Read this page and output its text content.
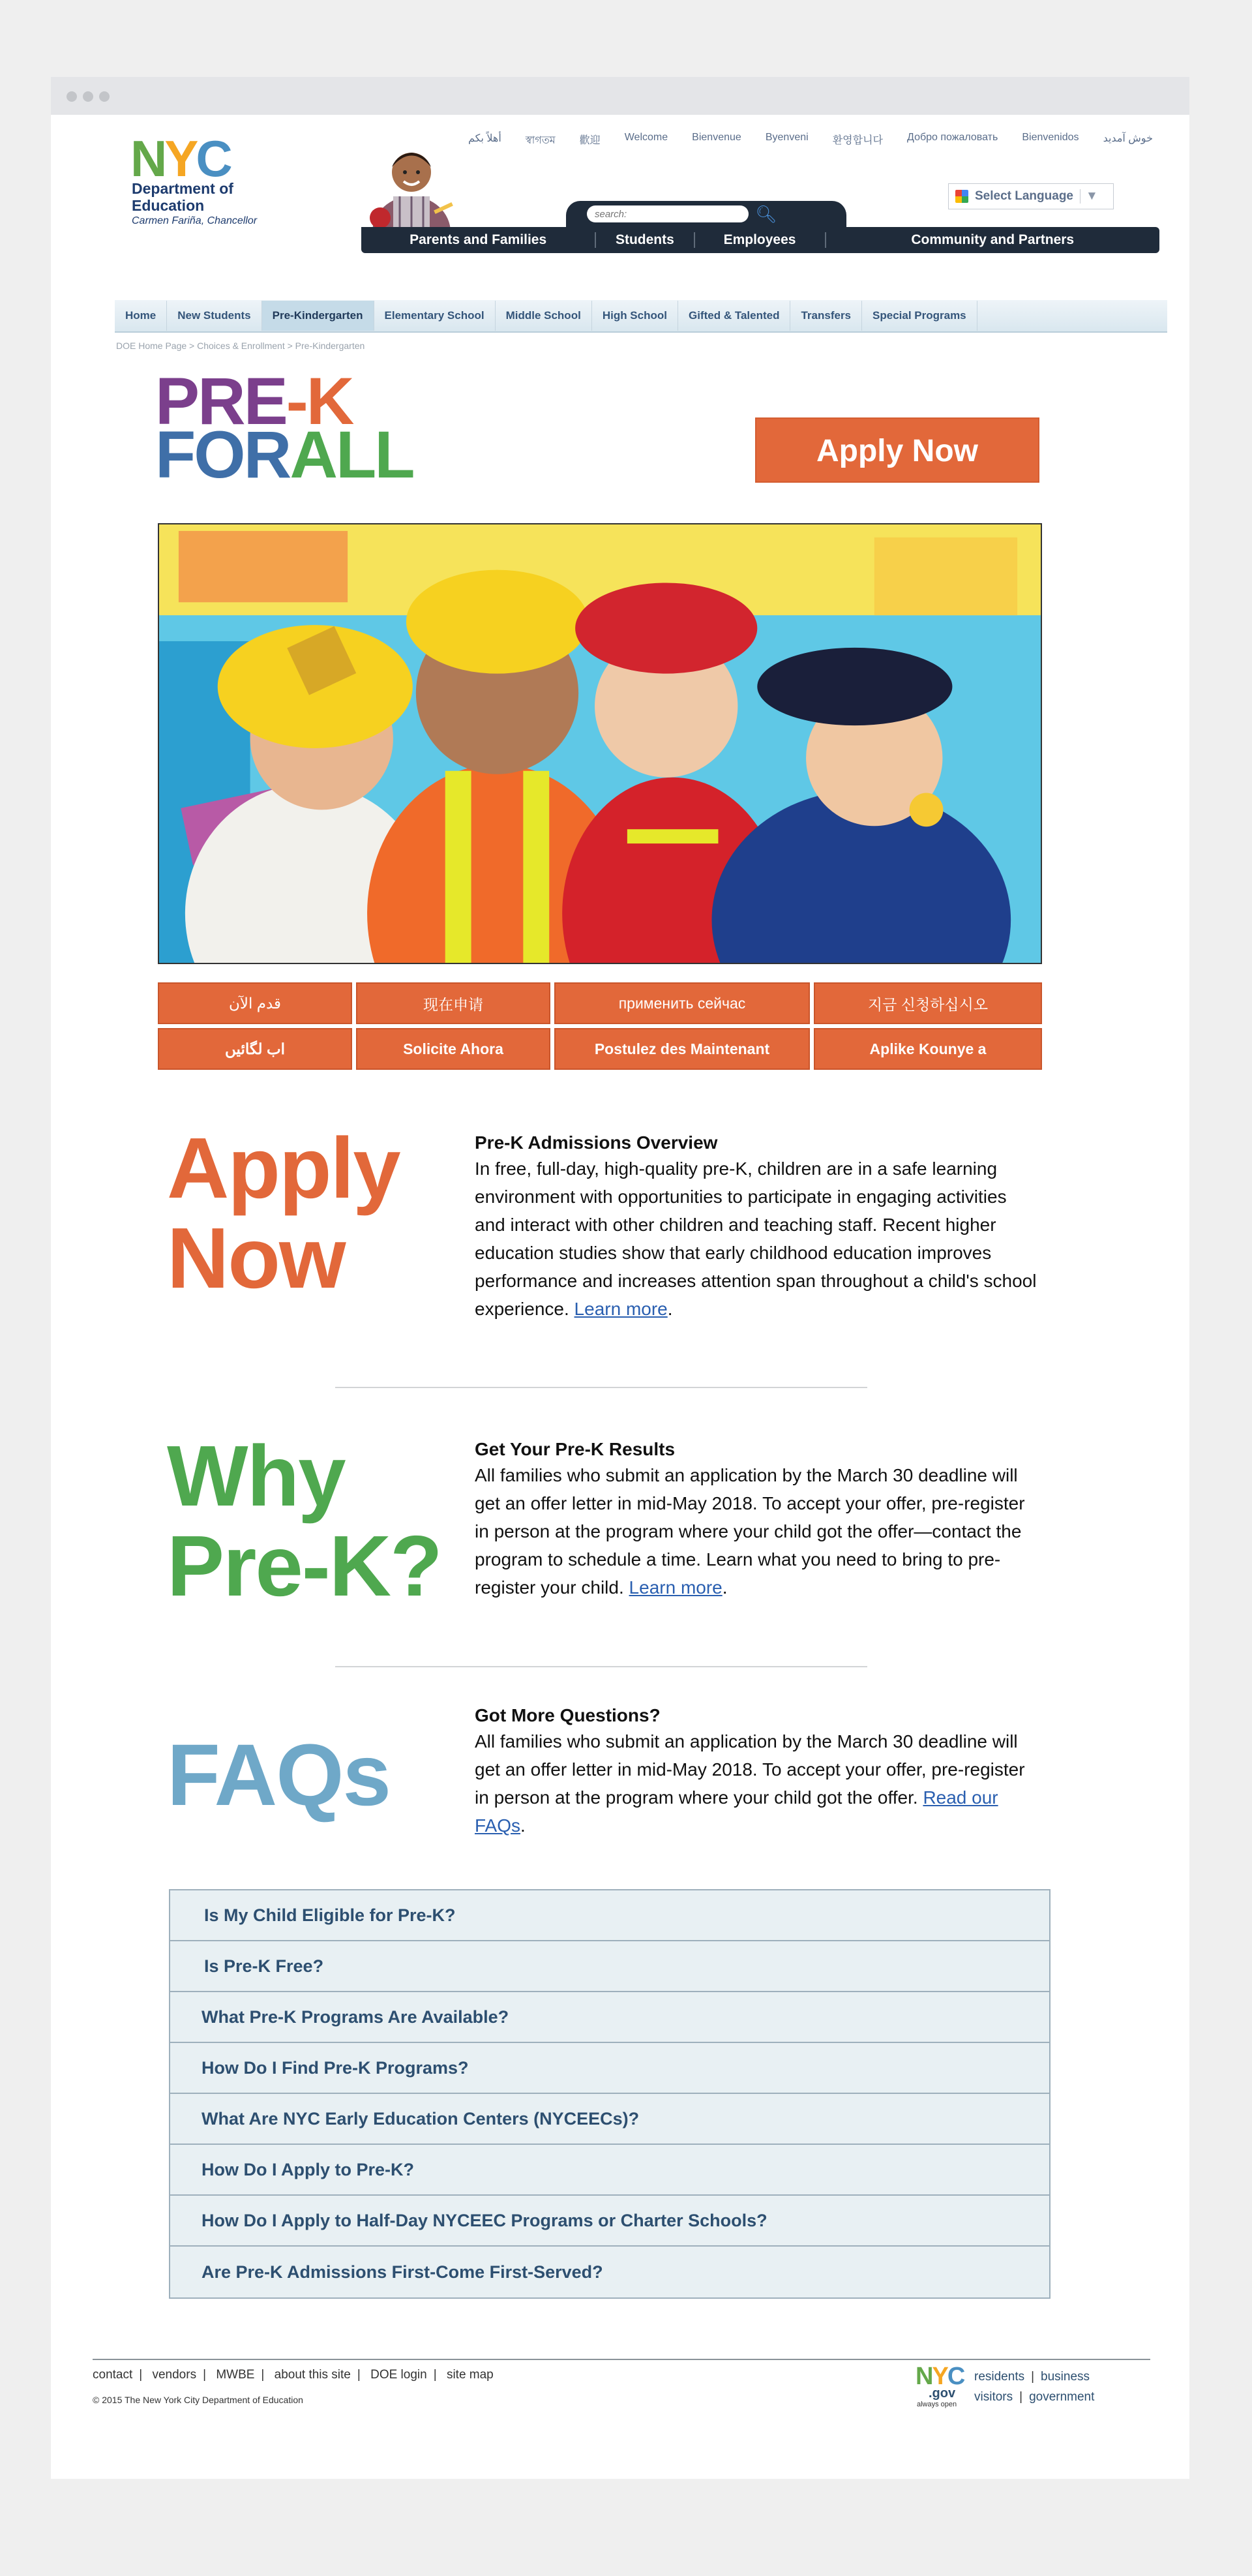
NYC
Department of Education
Carmen Fariña, Chancellor
أهلاً بكم স্বাগতম 歡迎 Welcome Bienvenue Byenveni 환영합니다 Добро пожаловать Bienvenidos خوش آمدید
Select Language	▼
search:
🔍︎
Parents and Families	Students	Employees	Community and Partners
Home	New Students	Pre-Kindergarten	Elementary School	Middle School	High School	Gifted & Talented	Transfers	Special Programs
DOE Home Page > Choices & Enrollment > Pre-Kindergarten
PRE-K
FORALL	Apply Now
قدم الآن	现在申请	применить сейчас	지금 신청하십시오
اب لگائیں	Solicite Ahora	Postulez des Maintenant	Aplike Kounye a
Apply
Now
Pre-K Admissions Overview

In free, full-day, high-quality pre-K, children are in a safe learning environment with opportunities to participate in engaging activities and interact with other children and teaching staff. Recent higher education studies show that early childhood education improves performance and increases attention span throughout a child's school experience. Learn more.

Why
Pre-K?
Get Your Pre-K Results

All families who submit an application by the March 30 deadline will get an offer letter in mid-May 2018. To accept your offer, pre-register in person at the program where your child got the offer—contact the program to schedule a time. Learn what you need to bring to pre-register your child. Learn more.

FAQs
Got More Questions?

All families who submit an application by the March 30 deadline will get an offer letter in mid-May 2018. To accept your offer, pre-register in person at the program where your child got the offer. Read our FAQs.

Is My Child Eligible for Pre-K?
Is Pre-K Free?
What Pre-K Programs Are Available?
How Do I Find Pre-K Programs?
What Are NYC Early Education Centers (NYCEECs)?
How Do I Apply to Pre-K?
How Do I Apply to Half-Day NYCEEC Programs or Charter Schools?
Are Pre-K Admissions First-Come First-Served?
contact | vendors | MWBE | about this site | DOE login | site map
© 2015 The New York City Department of Education
NYC
.gov
always open
residents | business
visitors | government
